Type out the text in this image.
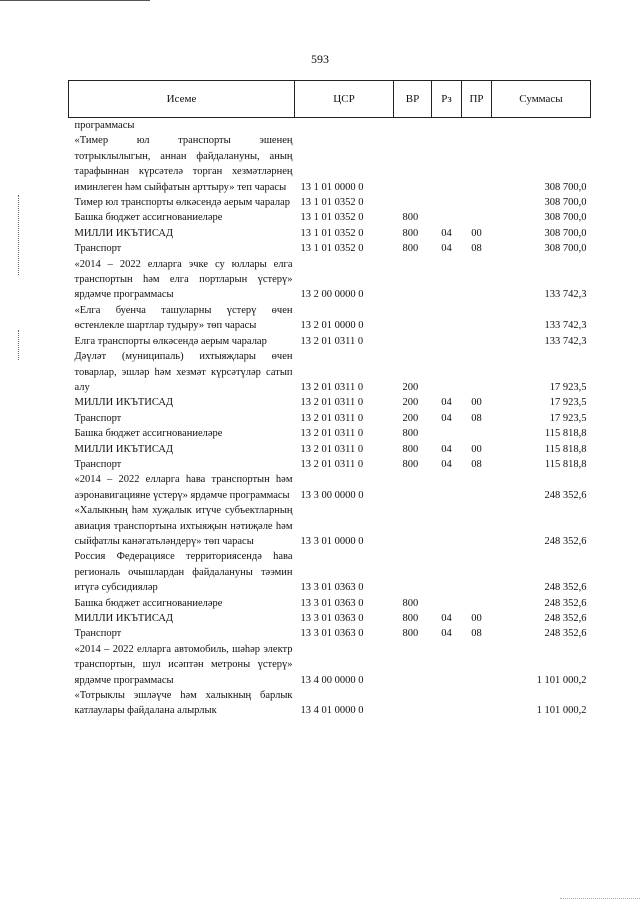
593
Исеме	ЦСР	ВР	Рз	ПР	Суммасы
программасы					
«Тимер юл транспорты эшенең тотрыклылыгын, аннан файдалануны, аның тарафыннан күрсәтелә торган хезмәтләрнең иминлеген һәм сыйфатын арттыру» теп чарасы	13 1 01 0000 0				308 700,0
Тимер юл транспорты өлкәсендә аерым чаралар	13 1 01 0352 0				308 700,0
Башка бюджет ассигнованиеләре	13 1 01 0352 0	800			308 700,0
МИЛЛИ ИКЪТИСАД	13 1 01 0352 0	800	04	00	308 700,0
Транспорт	13 1 01 0352 0	800	04	08	308 700,0
«2014 – 2022 елларга эчке су юллары елга транспортын һәм елга портларын үстерү» ярдәмче программасы	13 2 00 0000 0				133 742,3
«Елга буенча ташуларны үстерү өчен өстенлекле шартлар тудыру» төп чарасы	13 2 01 0000 0				133 742,3
Елга транспорты өлкәсендә аерым чаралар	13 2 01 0311 0				133 742,3
Дәүләт (муниципаль) ихтыяҗлары өчен товарлар, эшләр һәм хезмәт күрсәтүләр сатып алу	13 2 01 0311 0	200			17 923,5
МИЛЛИ ИКЪТИСАД	13 2 01 0311 0	200	04	00	17 923,5
Транспорт	13 2 01 0311 0	200	04	08	17 923,5
Башка бюджет ассигнованиеләре	13 2 01 0311 0	800			115 818,8
МИЛЛИ ИКЪТИСАД	13 2 01 0311 0	800	04	00	115 818,8
Транспорт	13 2 01 0311 0	800	04	08	115 818,8
«2014 – 2022 елларга һава транспортын һәм аэронавигацияне үстерү» ярдәмче программасы	13 3 00 0000 0				248 352,6
«Халыкның һәм хуҗалык итүче субъектларның авиация транспортына ихтыяҗын нәтиҗәле һәм сыйфатлы канәгатьләндерү» төп чарасы	13 3 01 0000 0				248 352,6
Россия Федерациясе территориясендә һава региональ очышлардан файдалануны тәэмин итүгә субсидияләр	13 3 01 0363 0				248 352,6
Башка бюджет ассигнованиеләре	13 3 01 0363 0	800			248 352,6
МИЛЛИ ИКЪТИСАД	13 3 01 0363 0	800	04	00	248 352,6
Транспорт	13 3 01 0363 0	800	04	08	248 352,6
«2014 – 2022 елларга автомобиль, шәһәр электр транспортын, шул исәптән метроны үстерү» ярдәмче программасы	13 4 00 0000 0				1 101 000,2
«Тотрыклы эшләүче һәм халыкның барлык катлаулары файдалана алырлык	13 4 01 0000 0				1 101 000,2
